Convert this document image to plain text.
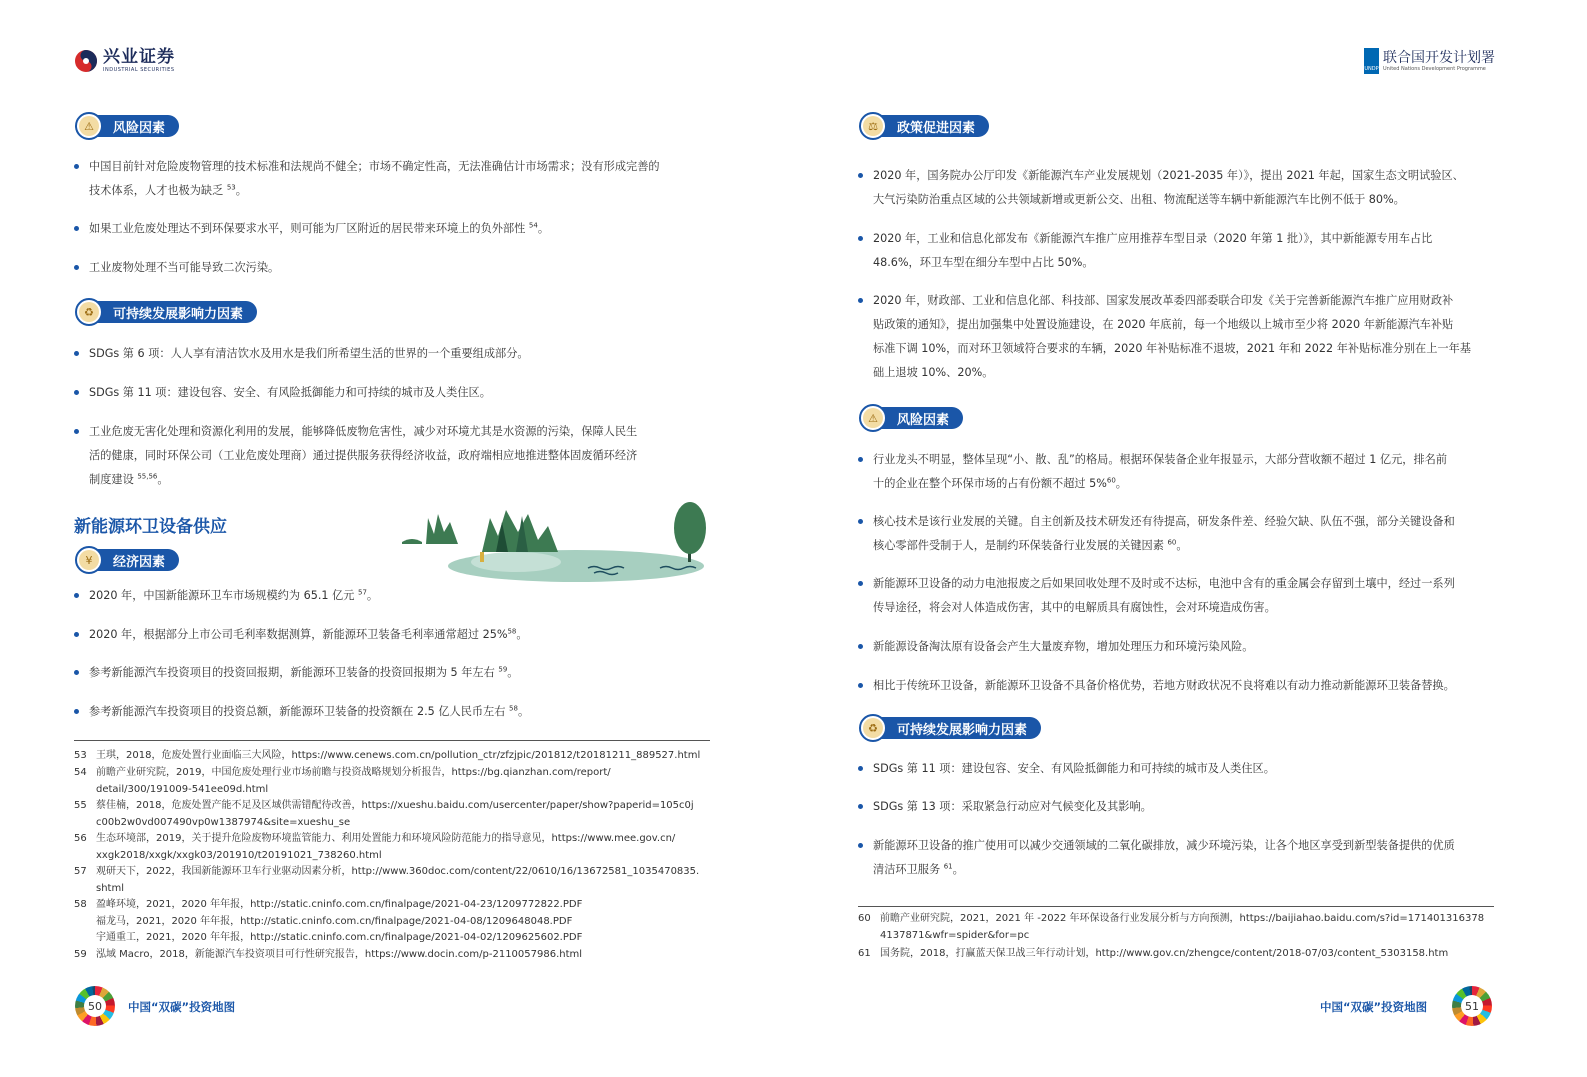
兴业证券
INDUSTRIAL SECURITIES
⚠	风险因素
中国目前针对危险废物管理的技术标准和法规尚不健全；市场不确定性高，无法准确估计市场需求；没有形成完善的
技术体系，人才也极为缺乏 $^{53}$。
如果工业危废处理达不到环保要求水平，则可能为厂区附近的居民带来环境上的负外部性 $^{54}$。
工业废物处理不当可能导致二次污染。
♻	可持续发展影响力因素
SDGs 第 6 项：人人享有清洁饮水及用水是我们所希望生活的世界的一个重要组成部分。
SDGs 第 11 项：建设包容、安全、有风险抵御能力和可持续的城市及人类住区。
工业危废无害化处理和资源化利用的发展，能够降低废物危害性，减少对环境尤其是水资源的污染，保障人民生
活的健康，同时环保公司（工业危废处理商）通过提供服务获得经济收益，政府端相应地推进整体固废循环经济
制度建设 $^{55,56}$。
新能源环卫设备供应
¥	经济因素
2020 年，中国新能源环卫车市场规模约为 65.1 亿元 $^{57}$。
2020 年，根据部分上市公司毛利率数据测算，新能源环卫装备毛利率通常超过 25%$^{58}$。
参考新能源汽车投资项目的投资回报期，新能源环卫装备的投资回报期为 5 年左右 $^{59}$。
参考新能源汽车投资项目的投资总额，新能源环卫装备的投资额在 2.5 亿人民币左右 $^{58}$。
53 王琪，2018，危废处置行业面临三大风险，https://www.cenews.com.cn/pollution_ctr/zfzjpic/201812/t20181211_889527.html
54 前瞻产业研究院，2019，中国危废处理行业市场前瞻与投资战略规划分析报告，https://bg.qianzhan.com/report/
detail/300/191009-541ee09d.html
55 蔡佳楠，2018，危废处置产能不足及区域供需错配待改善，https://xueshu.baidu.com/usercenter/paper/show?paperid=105c0j
c00b2w0vd007490vp0w1387974&site=xueshu_se
56 生态环境部，2019，关于提升危险废物环境监管能力、利用处置能力和环境风险防范能力的指导意见，https://www.mee.gov.cn/
xxgk2018/xxgk/xxgk03/201910/t20191021_738260.html
57 观研天下，2022，我国新能源环卫车行业驱动因素分析，http://www.360doc.com/content/22/0610/16/13672581_1035470835.
shtml
58 盈峰环境，2021，2020 年年报，http://static.cninfo.com.cn/finalpage/2021-04-23/1209772822.PDF
福龙马，2021，2020 年年报，http://static.cninfo.com.cn/finalpage/2021-04-08/1209648048.PDF
宇通重工，2021，2020 年年报，http://static.cninfo.com.cn/finalpage/2021-04-02/1209625602.PDF
59 泓域 Macro，2018，新能源汽车投资项目可行性研究报告，https://www.docin.com/p-2110057986.html
50	中国“双碳”投资地图
UNDP
联合国开发计划署
United Nations Development Programme
⚖	政策促进因素
2020 年，国务院办公厅印发《新能源汽车产业发展规划（2021-2035 年）》，提出 2021 年起，国家生态文明试验区、
大气污染防治重点区域的公共领域新增或更新公交、出租、物流配送等车辆中新能源汽车比例不低于 80%。
2020 年，工业和信息化部发布《新能源汽车推广应用推荐车型目录（2020 年第 1 批）》，其中新能源专用车占比
48.6%，环卫车型在细分车型中占比 50%。
2020 年，财政部、工业和信息化部、科技部、国家发展改革委四部委联合印发《关于完善新能源汽车推广应用财政补
贴政策的通知》，提出加强集中处置设施建设，在 2020 年底前，每一个地级以上城市至少将 2020 年新能源汽车补贴
标准下调 10%，而对环卫领域符合要求的车辆，2020 年补贴标准不退坡，2021 年和 2022 年补贴标准分别在上一年基
础上退坡 10%、20%。
⚠	风险因素
行业龙头不明显，整体呈现“小、散、乱”的格局。根据环保装备企业年报显示，大部分营收额不超过 1 亿元，排名前
十的企业在整个环保市场的占有份额不超过 5%$^{60}$。
核心技术是该行业发展的关键。自主创新及技术研发还有待提高，研发条件差、经验欠缺、队伍不强，部分关键设备和
核心零部件受制于人，是制约环保装备行业发展的关键因素 $^{60}$。
新能源环卫设备的动力电池报废之后如果回收处理不及时或不达标，电池中含有的重金属会存留到土壤中，经过一系列
传导途径，将会对人体造成伤害，其中的电解质具有腐蚀性，会对环境造成伤害。
新能源设备淘汰原有设备会产生大量废弃物，增加处理压力和环境污染风险。
相比于传统环卫设备，新能源环卫设备不具备价格优势，若地方财政状况不良将难以有动力推动新能源环卫装备替换。
♻	可持续发展影响力因素
SDGs 第 11 项：建设包容、安全、有风险抵御能力和可持续的城市及人类住区。
SDGs 第 13 项：采取紧急行动应对气候变化及其影响。
新能源环卫设备的推广使用可以减少交通领域的二氧化碳排放，减少环境污染，让各个地区享受到新型装备提供的优质
清洁环卫服务 $^{61}$。
60 前瞻产业研究院，2021，2021 年 -2022 年环保设备行业发展分析与方向预测，https://baijiahao.baidu.com/s?id=171401316378
4137871&wfr=spider&for=pc
61 国务院，2018，打赢蓝天保卫战三年行动计划，http://www.gov.cn/zhengce/content/2018-07/03/content_5303158.htm
中国“双碳”投资地图	51
